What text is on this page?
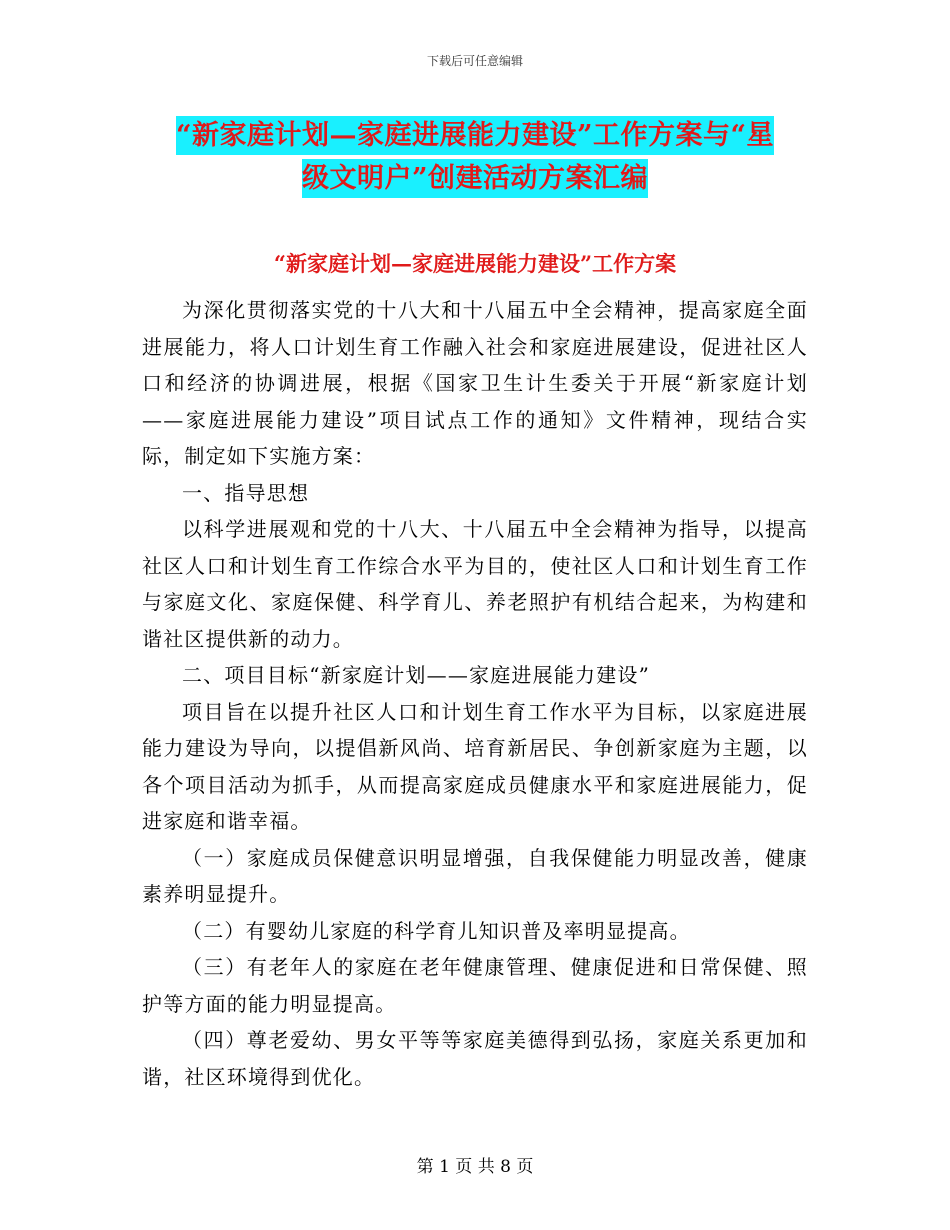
下载后可任意编辑
“新家庭计划—家庭进展能力建设”工作方案与“星
级文明户”创建活动方案汇编
“新家庭计划—家庭进展能力建设”工作方案

为深化贯彻落实党的十八大和十八届五中全会精神，提高家庭全面进展能力，将人口计划生育工作融入社会和家庭进展建设，促进社区人口和经济的协调进展，根据《国家卫生计生委关于开展“新家庭计划——家庭进展能力建设”项目试点工作的通知》文件精神，现结合实际，制定如下实施方案：

一、指导思想

以科学进展观和党的十八大、十八届五中全会精神为指导，以提高社区人口和计划生育工作综合水平为目的，使社区人口和计划生育工作与家庭文化、家庭保健、科学育儿、养老照护有机结合起来，为构建和谐社区提供新的动力。

二、项目目标“新家庭计划——家庭进展能力建设”

项目旨在以提升社区人口和计划生育工作水平为目标，以家庭进展能力建设为导向，以提倡新风尚、培育新居民、争创新家庭为主题，以各个项目活动为抓手，从而提高家庭成员健康水平和家庭进展能力，促进家庭和谐幸福。

（一）家庭成员保健意识明显增强，自我保健能力明显改善，健康素养明显提升。

（二）有婴幼儿家庭的科学育儿知识普及率明显提高。

（三）有老年人的家庭在老年健康管理、健康促进和日常保健、照护等方面的能力明显提高。

（四）尊老爱幼、男女平等等家庭美德得到弘扬，家庭关系更加和谐，社区环境得到优化。

第 1 页 共 8 页
